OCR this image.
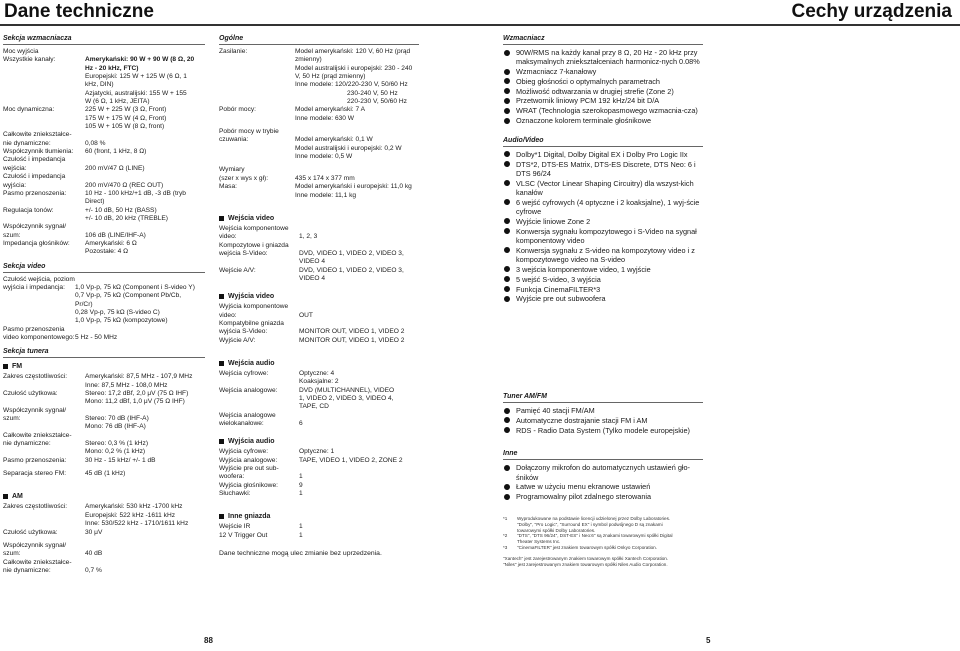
Dane techniczne	Cechy urządzenia
Sekcja wzmacniacza
Moc wyjścia
Wszystkie kanały:	Amerykański: 90 W + 90 W (8 Ω, 20
Hz - 20 kHz, FTC)
Europejski: 125 W + 125 W (6 Ω, 1
kHz, DIN)
Azjatycki, australijski: 155 W + 155
W (6 Ω, 1 kHz, JEITA)
Moc dynamiczna:	225 W + 225 W (3 Ω, Front)
175 W + 175 W (4 Ω, Front)
105 W + 105 W (8 Ω, front)
Całkowite zniekształce-
nie dynamiczne:	0,08 %
Współczynnik tłumienia:	60 (front, 1 kHz, 8 Ω)
Czułość i impedancja
wejścia:	200 mV/47 Ω (LINE)
Czułość i impedancja
wyjścia:	200 mV/470 Ω (REC OUT)
Pasmo przenoszenia:	10 Hz - 100 kHz/+1 dB, -3 dB (tryb
Direct)
Regulacja tonów:	+/- 10 dB, 50 Hz (BASS)
+/- 10 dB, 20 kHz (TREBLE)
Współczynnik sygnał/
szum:	106 dB (LINE/IHF-A)
Impedancja głośników:	Amerykański: 6 Ω
Pozostałe: 4 Ω
Sekcja video
Czułość wejścia, poziom
wyjścia i impedancja:	1,0 Vp-p, 75 kΩ (Component i S-video Y)
0,7 Vp-p, 75 kΩ (Component Pb/Cb,
Pr/Cr)
0,28 Vp-p, 75 kΩ (S-video C)
1,0 Vp-p, 75 kΩ (kompozytowe)
Pasmo przenoszenia
video komponentowego: 5 Hz - 50 MHz
Sekcja tunera
FM
Zakres częstotliwości:	Amerykański: 87,5 MHz - 107,9 MHz
Inne: 87,5 MHz - 108,0 MHz
Czułość użytkowa:	Stereo: 17,2 dBf, 2,0 μV (75 Ω IHF)
Mono: 11,2 dBf, 1,0 μV (75 Ω IHF)
Współczynnik sygnał/
szum:	Stereo: 70 dB (IHF-A)
Mono: 76 dB (IHF-A)
Całkowite zniekształce-
nie dynamiczne:	Stereo: 0,3 % (1 kHz)
Mono: 0,2 % (1 kHz)
Pasmo przenoszenia:	30 Hz - 15 kHz/ +/- 1 dB
Separacja stereo FM:	45 dB (1 kHz)
AM
Zakres częstotliwości:	Amerykański: 530 kHz -1700 kHz
Europejski: 522 kHz -1611 kHz
Inne: 530/522 kHz - 1710/1611 kHz
Czułość użytkowa:	30 μV
Współczynnik sygnał/
szum:	40 dB
Całkowite zniekształce-
nie dynamiczne:	0,7 %
Ogólne
Zasilanie:	Model amerykański: 120 V, 60 Hz (prąd
zmienny)
Model australijski i europejski: 230 - 240
V, 50 Hz (prąd zmienny)
Inne modele: 120/220-230 V, 50/60 Hz
230-240 V, 50 Hz
220-230 V, 50/60 Hz
Pobór mocy:	Model amerykański: 7 A
Inne modele: 630 W
Pobór mocy w trybie
czuwania:	Model amerykański: 0,1 W
Model australijski i europejski: 0,2 W
Inne modele: 0,5 W
Wymiary
(szer x wys x gł):	435 x 174 x 377 mm
Masa:	Model amerykański i europejski: 11,0 kg
Inne modele: 11,1 kg
Wejścia video
Wejścia komponentowe
video:	1, 2, 3
Kompozytowe i gniazda
wejścia S-Video:	DVD, VIDEO 1, VIDEO 2, VIDEO 3,
VIDEO 4
Wejście A/V:	DVD, VIDEO 1, VIDEO 2, VIDEO 3,
VIDEO 4
Wyjścia video
Wyjścia komponentowe
video:	OUT
Kompatybilne gniazda
wyjścia S-Video:	MONITOR OUT, VIDEO 1, VIDEO 2
Wyjście A/V:	MONITOR OUT, VIDEO 1, VIDEO 2
Wejścia audio
Wejścia cyfrowe:	Optyczne: 4
Koaksjalne: 2
Wejścia analogowe:	DVD (MULTICHANNEL), VIDEO
1, VIDEO 2, VIDEO 3, VIDEO 4,
TAPE, CD
Wejścia analogowe
wielokanałowe:	6
Wyjścia audio
Wyjścia cyfrowe:	Optyczne: 1
Wyjścia analogowe:	TAPE, VIDEO 1, VIDEO 2, ZONE 2
Wyjście pre out sub-
woofera:	1
Wyjścia głośnikowe:	9
Słuchawki:	1
Inne gniazda
Wejście IR	1
12 V Trigger Out	1
Dane techniczne mogą ulec zmianie bez uprzedzenia.
Wzmacniacz
90W/RMS na każdy kanał przy 8 Ω, 20 Hz - 20 kHz przy maksymalnych zniekształceniach harmonicz-nych 0.08%
Wzmacniacz 7-kanałowy
Obieg głośności o optymalnych parametrach
Możliwość odtwarzania w drugiej strefie (Zone 2)
Przetwornik liniowy PCM 192 kHz/24 bit D/A
WRAT (Technologia szerokopasmowego wzmacnia-cza)
Oznaczone kolorem terminale głośnikowe
Audio/Video
Dolby*1 Digital, Dolby Digital EX i Dolby Pro Logic IIx
DTS*2, DTS-ES Matrix, DTS-ES Discrete, DTS Neo: 6 i DTS 96/24
VLSC (Vector Linear Shaping Circuitry) dla wszyst-kich kanałów
6 wejść cyfrowych (4 optyczne i 2 koaksjalne), 1 wyj-ście cyfrowe
Wyjście liniowe Zone 2
Konwersja sygnału kompozytowego i S-Video na sygnał komponentowy video
Konwersja sygnału z S-video na kompozytowy video i z kompozytowego video na S-video
3 wejścia komponentowe video, 1 wyjście
5 wejść S-video, 3 wyjścia
Funkcja CinemaFILTER*3
Wyjście pre out subwoofera
Tuner AM/FM
Pamięć 40 stacji FM/AM
Automatyczne dostrajanie stacji FM i AM
RDS - Radio Data System (Tylko modele europejskie)
Inne
Dołączony mikrofon do automatycznych ustawień gło-śników
Łatwe w użyciu menu ekranowe ustawień
Programowalny pilot zdalnego sterowania
*1	Wyprodukowane na podstawie licencji udzielonej przez Dolby Laboratories.
"Dolby", "Pro Logic", "Surround EX" i symbol podwójnego D są znakami
towarowymi spółki Dolby Laboratories.
*2	"DTS", "DTS 96/24", DST-ES" i Neo:6" są znakami towarowymi spółki Digital
Theater Systems Inc.
*3	"CinemaFILTER" jest znakiem towarowym spółki Onkyo Corporation.
"Xantech" jest zarejestrowanym znakiem towarowym spółki Xantech Corporation.
"Niles" jest zarejestrowanym znakiem towarowym spółki Niles Audio Corporation.
88	5
